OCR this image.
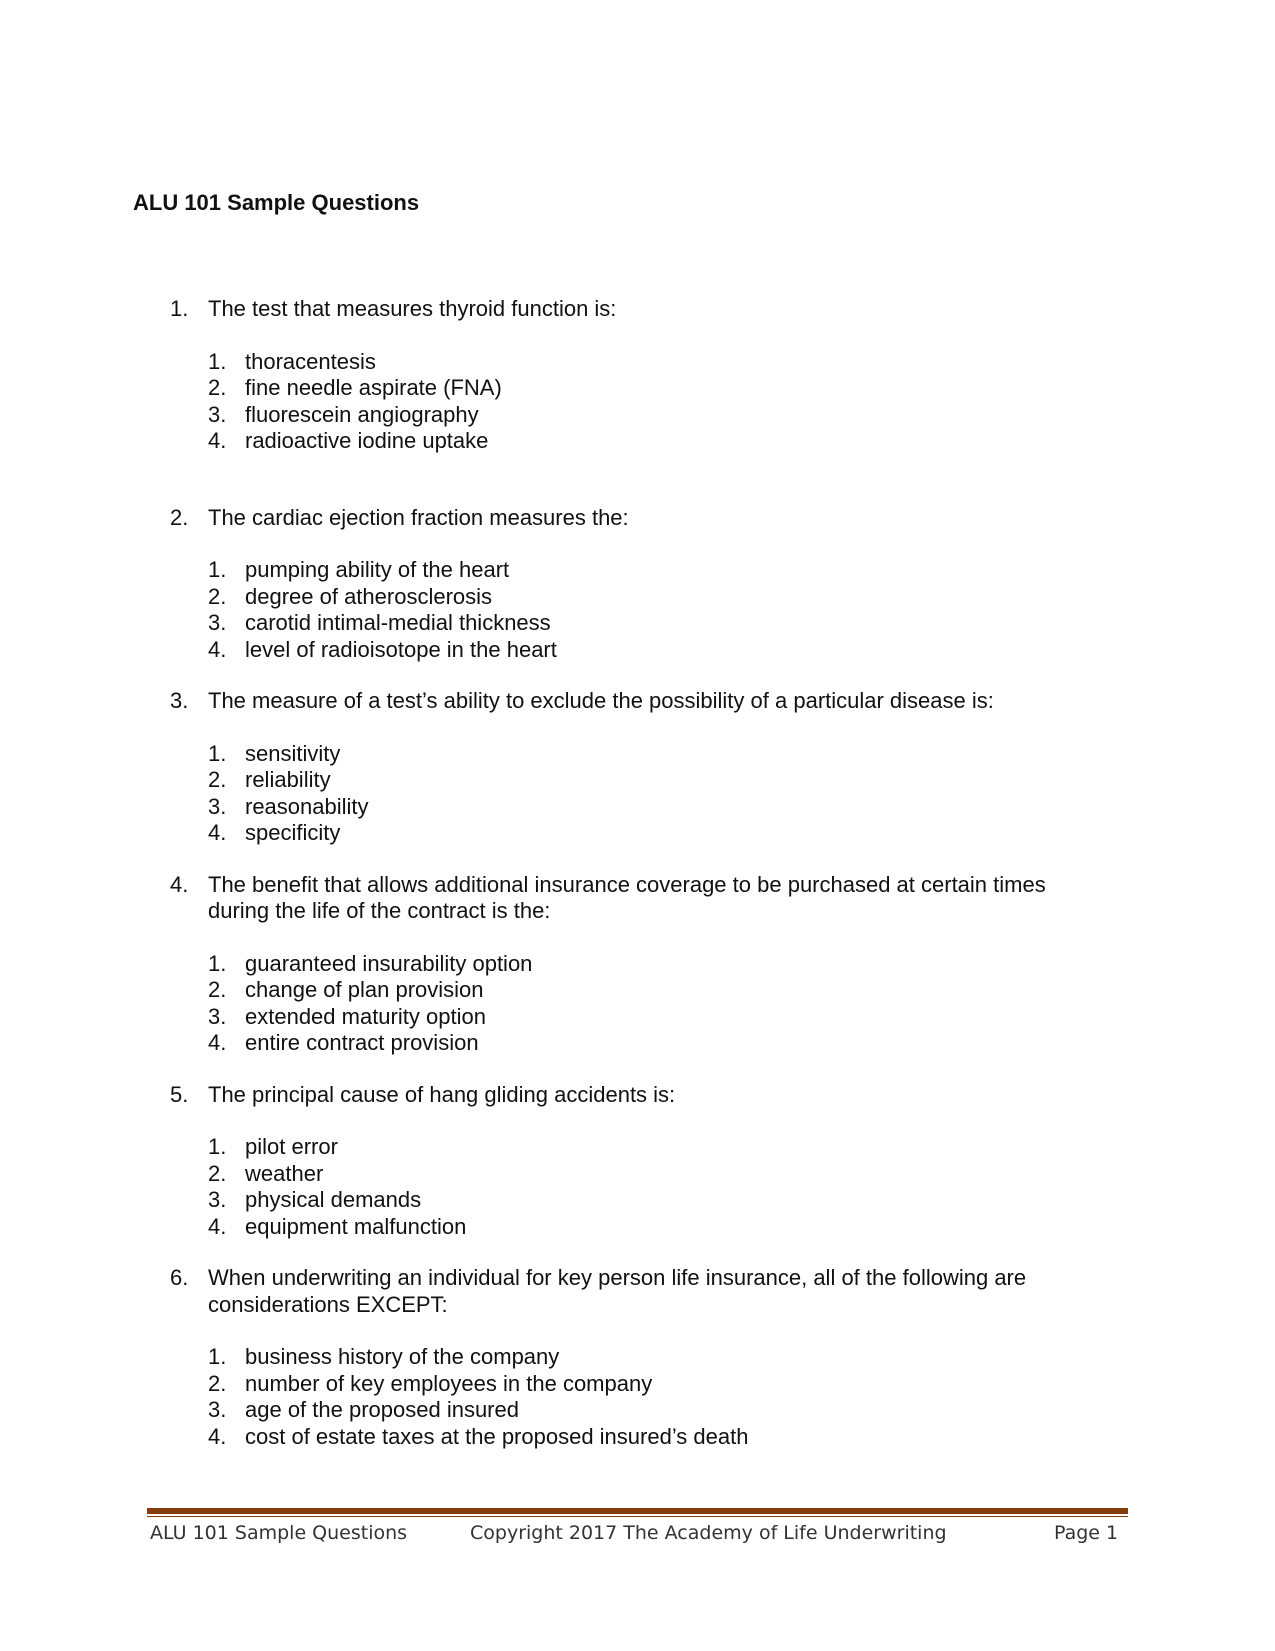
ALU 101 Sample Questions
1. The test that measures thyroid function is:
1. thoracentesis
2. fine needle aspirate (FNA)
3. fluorescein angiography
4. radioactive iodine uptake
2. The cardiac ejection fraction measures the:
1. pumping ability of the heart
2. degree of atherosclerosis
3. carotid intimal-medial thickness
4. level of radioisotope in the heart
3. The measure of a test’s ability to exclude the possibility of a particular disease is:
1. sensitivity
2. reliability
3. reasonability
4. specificity
4. The benefit that allows additional insurance coverage to be purchased at certain times during the life of the contract is the:
1. guaranteed insurability option
2. change of plan provision
3. extended maturity option
4. entire contract provision
5. The principal cause of hang gliding accidents is:
1. pilot error
2. weather
3. physical demands
4. equipment malfunction
6. When underwriting an individual for key person life insurance, all of the following are considerations EXCEPT:
1. business history of the company
2. number of key employees in the company
3. age of the proposed insured
4. cost of estate taxes at the proposed insured’s death
ALU 101 Sample Questions	Copyright 2017 The Academy of Life Underwriting	Page 1
